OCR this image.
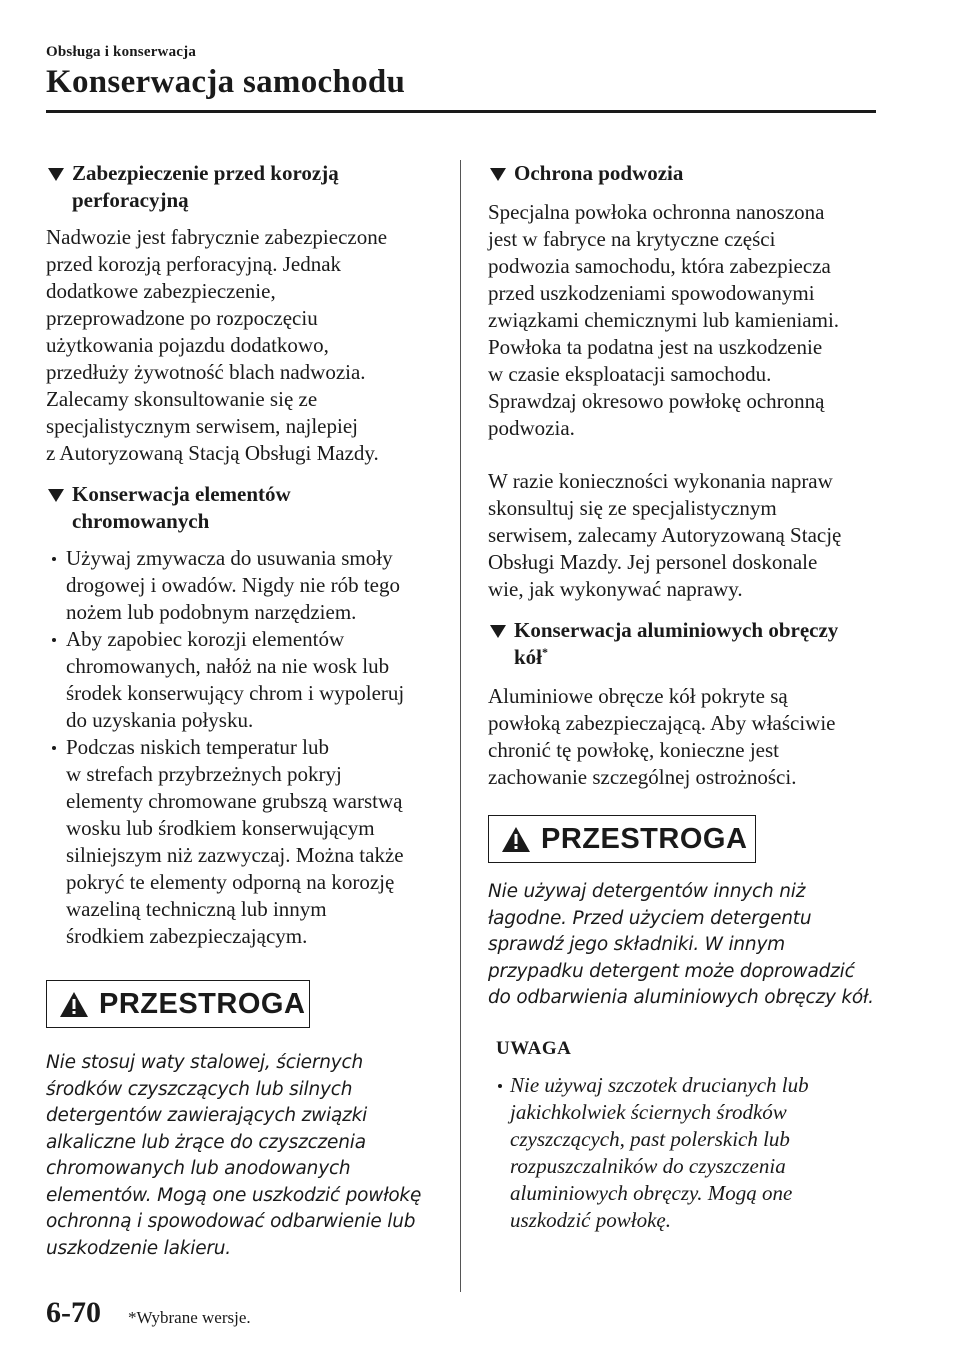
Obsługa i konserwacja
Konserwacja samochodu
Zabezpieczenie przed korozją
perforacyjną

Nadwozie jest fabrycznie zabezpieczone
przed korozją perforacyjną. Jednak
dodatkowe zabezpieczenie,
przeprowadzone po rozpoczęciu
użytkowania pojazdu dodatkowo,
przedłuży żywotność blach nadwozia.
Zalecamy skonsultowanie się ze
specjalistycznym serwisem, najlepiej
z Autoryzowaną Stacją Obsługi Mazdy.

Konserwacja elementów
chromowanych
Używaj zmywacza do usuwania smoły
drogowej i owadów. Nigdy nie rób tego
nożem lub podobnym narzędziem.
Aby zapobiec korozji elementów
chromowanych, nałóż na nie wosk lub
środek konserwujący chrom i wypoleruj
do uzyskania połysku.
Podczas niskich temperatur lub
w strefach przybrzeżnych pokryj
elementy chromowane grubszą warstwą
wosku lub środkiem konserwującym
silniejszym niż zazwyczaj. Można także
pokryć te elementy odporną na korozję
wazeliną techniczną lub innym
środkiem zabezpieczającym.
PRZESTROGA

Nie stosuj waty stalowej, ściernych
środków czyszczących lub silnych
detergentów zawierających związki
alkaliczne lub żrące do czyszczenia
chromowanych lub anodowanych
elementów. Mogą one uszkodzić powłokę
ochronną i spowodować odbarwienie lub
uszkodzenie lakieru.

Ochrona podwozia

Specjalna powłoka ochronna nanoszona
jest w fabryce na krytyczne części
podwozia samochodu, która zabezpiecza
przed uszkodzeniami spowodowanymi
związkami chemicznymi lub kamieniami.
Powłoka ta podatna jest na uszkodzenie
w czasie eksploatacji samochodu.
Sprawdzaj okresowo powłokę ochronną
podwozia.

W razie konieczności wykonania napraw
skonsultuj się ze specjalistycznym
serwisem, zalecamy Autoryzowaną Stację
Obsługi Mazdy. Jej personel doskonale
wie, jak wykonywać naprawy.

Konserwacja aluminiowych obręczy
kół*

Aluminiowe obręcze kół pokryte są
powłoką zabezpieczającą. Aby właściwie
chronić tę powłokę, konieczne jest
zachowanie szczególnej ostrożności.

PRZESTROGA

Nie używaj detergentów innych niż
łagodne. Przed użyciem detergentu
sprawdź jego składniki. W innym
przypadku detergent może doprowadzić
do odbarwienia aluminiowych obręczy kół.

UWAGA

Nie używaj szczotek drucianych lub
jakichkolwiek ściernych środków
czyszczących, past polerskich lub
rozpuszczalników do czyszczenia
aluminiowych obręczy. Mogą one
uszkodzić powłokę.
6-70 *Wybrane wersje.
